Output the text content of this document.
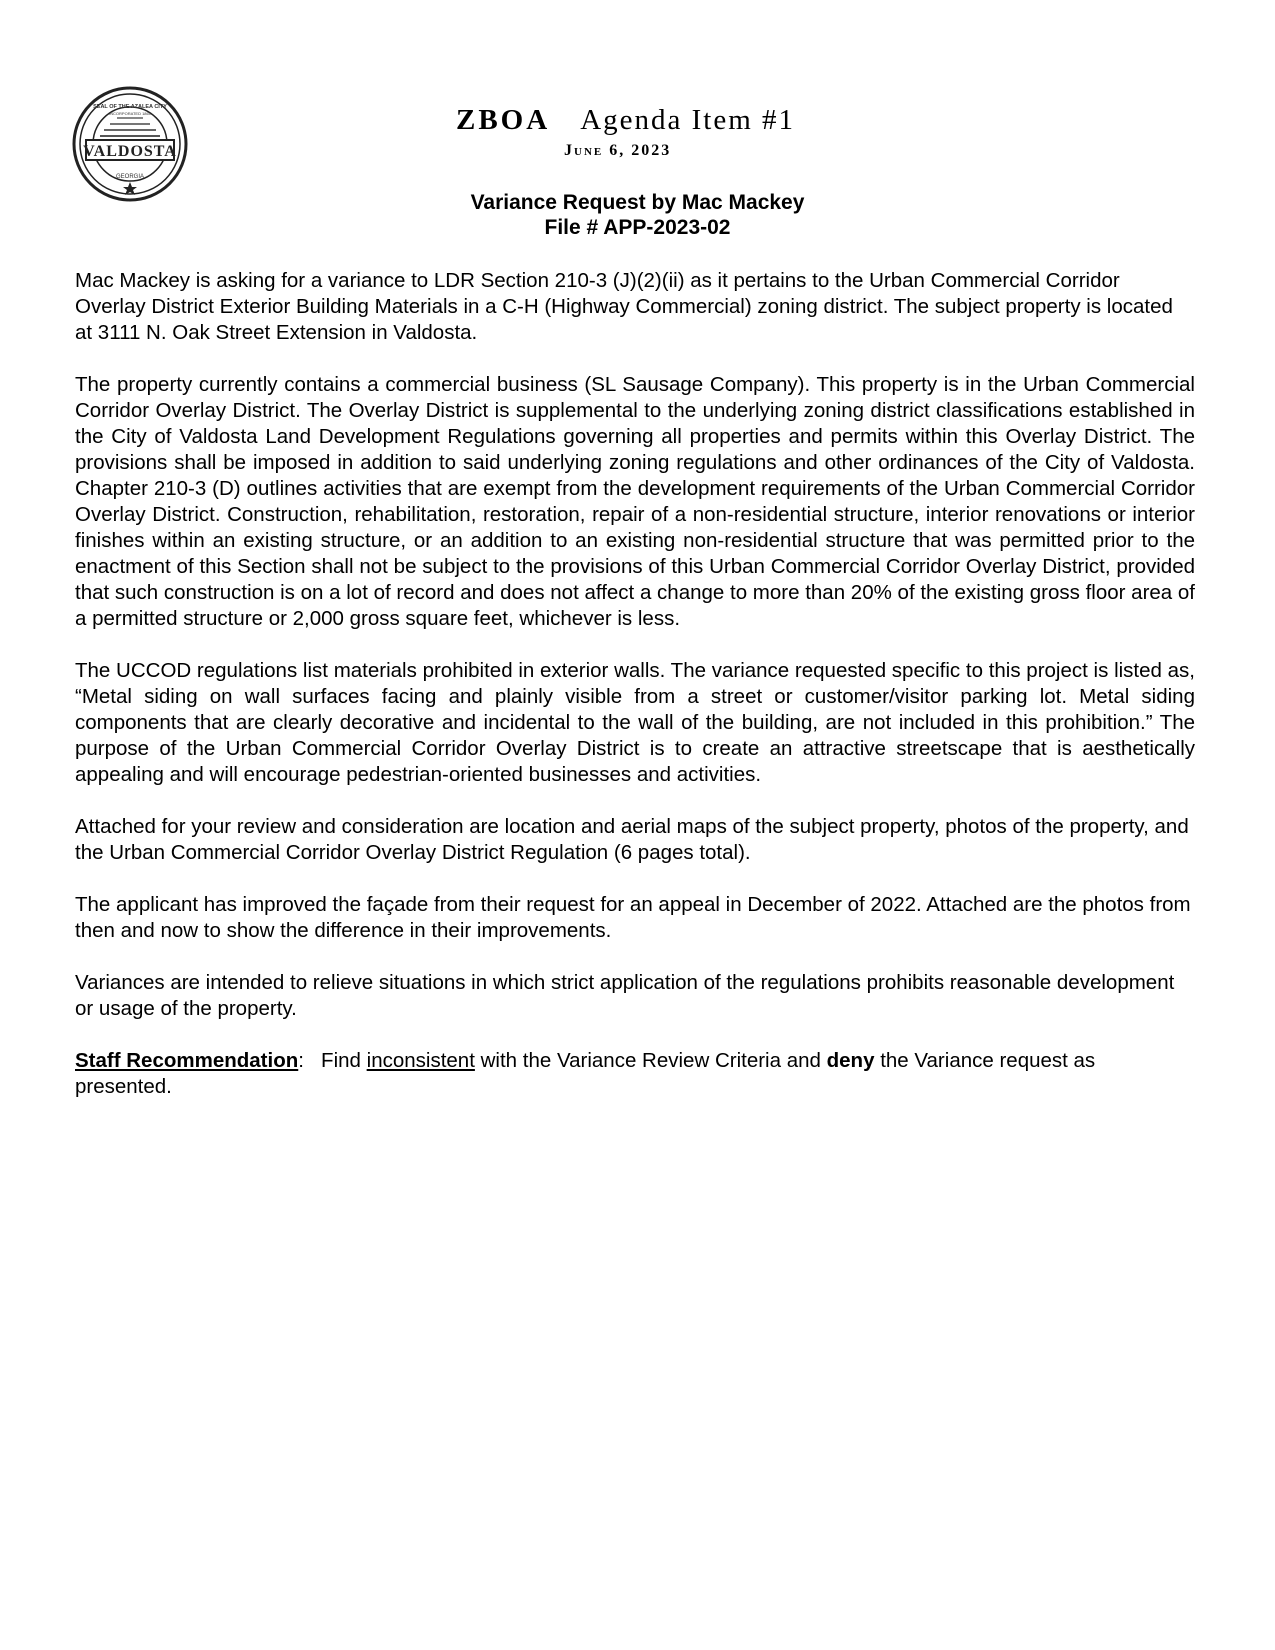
VALDOSTA
GEORGIA
SEAL OF THE AZALEA CITY
INCORPORATED 1860	ZBOA Agenda Item #1
June 6, 2023
Variance Request by Mac Mackey
File # APP-2023-02

Mac Mackey is asking for a variance to LDR Section 210-3 (J)(2)(ii) as it pertains to the Urban Commercial Corridor Overlay District Exterior Building Materials in a C-H (Highway Commercial) zoning district. The subject property is located at 3111 N. Oak Street Extension in Valdosta.

The property currently contains a commercial business (SL Sausage Company). This property is in the Urban Commercial Corridor Overlay District. The Overlay District is supplemental to the underlying zoning district classifications established in the City of Valdosta Land Development Regulations governing all properties and permits within this Overlay District. The provisions shall be imposed in addition to said underlying zoning regulations and other ordinances of the City of Valdosta. Chapter 210-3 (D) outlines activities that are exempt from the development requirements of the Urban Commercial Corridor Overlay District. Construction, rehabilitation, restoration, repair of a non-residential structure, interior renovations or interior finishes within an existing structure, or an addition to an existing non-residential structure that was permitted prior to the enactment of this Section shall not be subject to the provisions of this Urban Commercial Corridor Overlay District, provided that such construction is on a lot of record and does not affect a change to more than 20% of the existing gross floor area of a permitted structure or 2,000 gross square feet, whichever is less.

The UCCOD regulations list materials prohibited in exterior walls. The variance requested specific to this project is listed as, “Metal siding on wall surfaces facing and plainly visible from a street or customer/visitor parking lot. Metal siding components that are clearly decorative and incidental to the wall of the building, are not included in this prohibition.” The purpose of the Urban Commercial Corridor Overlay District is to create an attractive streetscape that is aesthetically appealing and will encourage pedestrian-oriented businesses and activities.

Attached for your review and consideration are location and aerial maps of the subject property, photos of the property, and the Urban Commercial Corridor Overlay District Regulation (6 pages total).

The applicant has improved the façade from their request for an appeal in December of 2022. Attached are the photos from then and now to show the difference in their improvements.

Variances are intended to relieve situations in which strict application of the regulations prohibits reasonable development or usage of the property.

Staff Recommendation: Find inconsistent with the Variance Review Criteria and deny the Variance request as presented.
